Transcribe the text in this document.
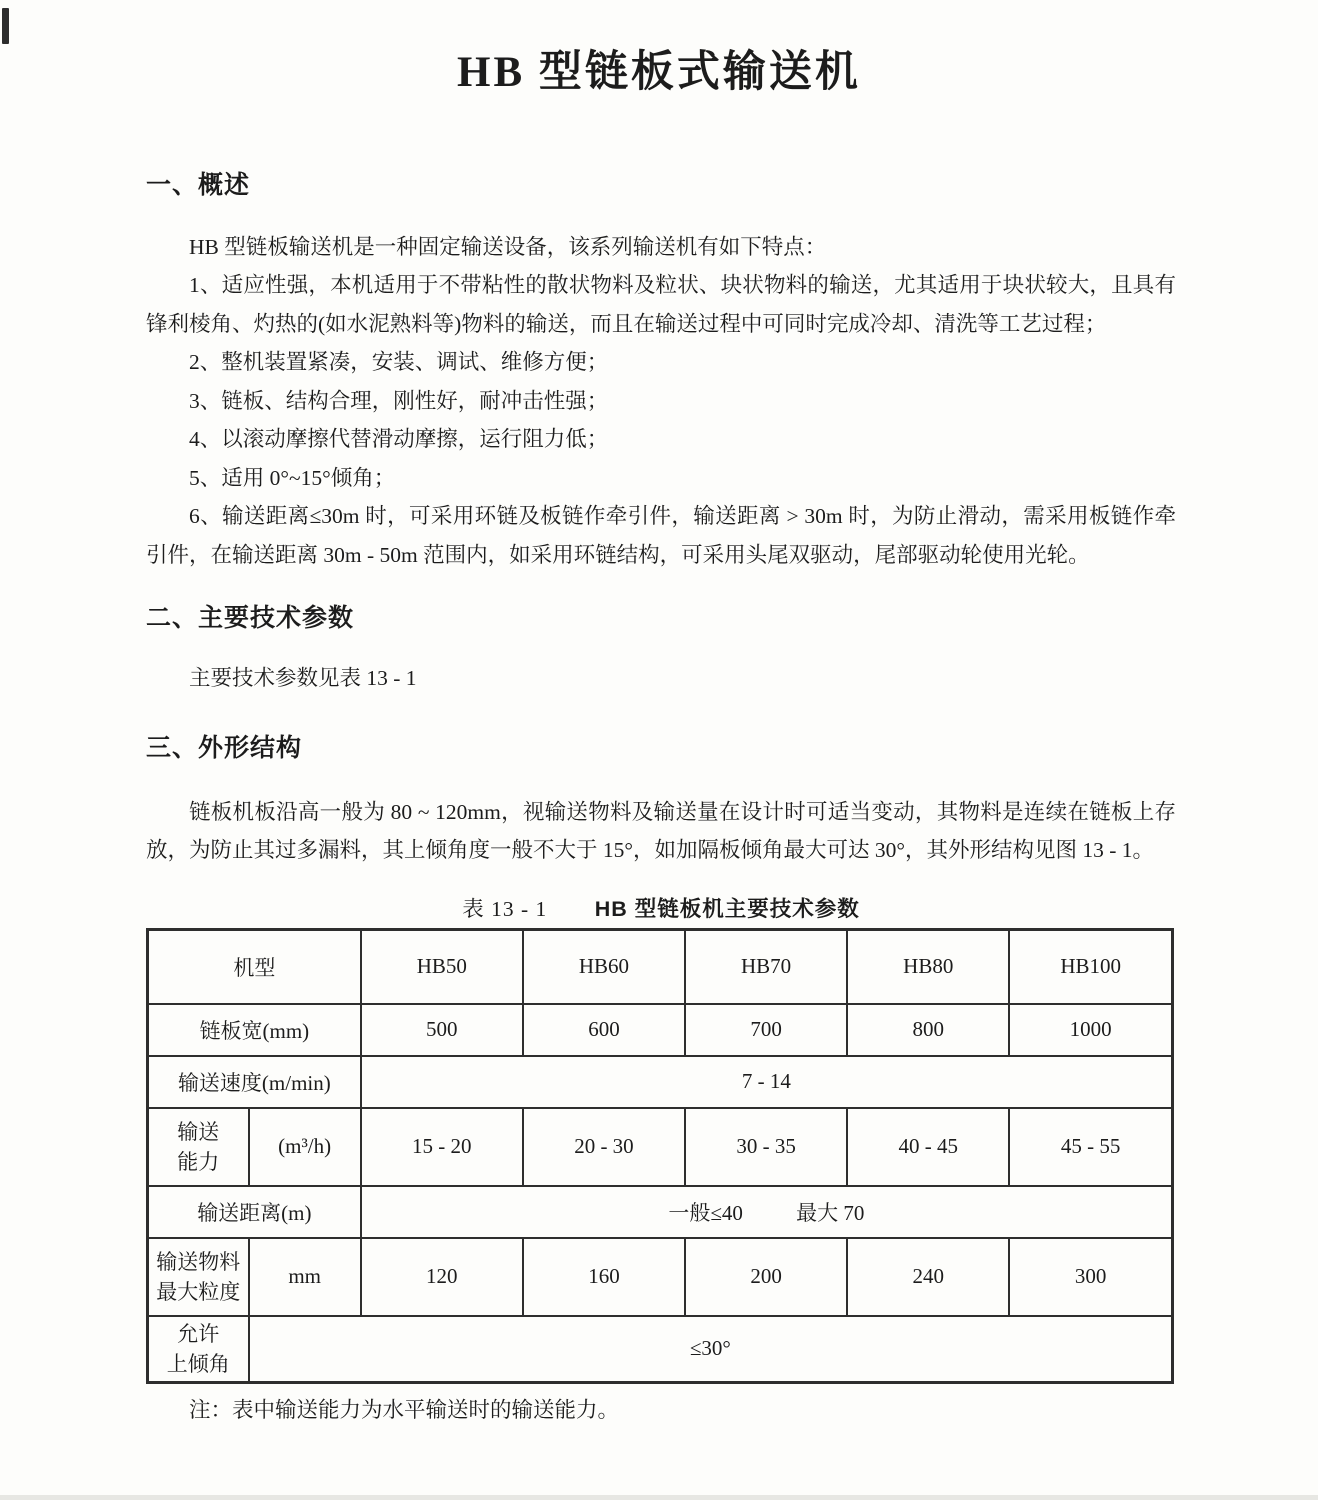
HB 型链板式输送机
一、概述

HB 型链板输送机是一种固定输送设备，该系列输送机有如下特点：

1、适应性强，本机适用于不带粘性的散状物料及粒状、块状物料的输送，尤其适用于块状较大，且具有锋利棱角、灼热的(如水泥熟料等)物料的输送，而且在输送过程中可同时完成冷却、清洗等工艺过程；

2、整机装置紧凑，安装、调试、维修方便；

3、链板、结构合理，刚性好，耐冲击性强；

4、以滚动摩擦代替滑动摩擦，运行阻力低；

5、适用 0°~15°倾角；

6、输送距离≤30m 时，可采用环链及板链作牵引件，输送距离 > 30m 时，为防止滑动，需采用板链作牵引件，在输送距离 30m - 50m 范围内，如采用环链结构，可采用头尾双驱动，尾部驱动轮使用光轮。

二、主要技术参数

主要技术参数见表 13 - 1

三、外形结构

链板机板沿高一般为 80 ~ 120mm，视输送物料及输送量在设计时可适当变动，其物料是连续在链板上存放，为防止其过多漏料，其上倾角度一般不大于 15°，如加隔板倾角最大可达 30°，其外形结构见图 13 - 1。

表 13 - 1 HB 型链板机主要技术参数
机型		HB50	HB60	HB70	HB80	HB100
链板宽(mm)		500	600	700	800	1000
输送速度(m/min)		7 - 14				

输送
能力	(m³/h)	15 - 20	20 - 30	30 - 35	40 - 45	45 - 55
输送距离(m)		一般≤40 最大 70				

输送物料
最大粒度	mm	120	160	200	240	300

允许
上倾角	≤30°					

注：表中输送能力为水平输送时的输送能力。
